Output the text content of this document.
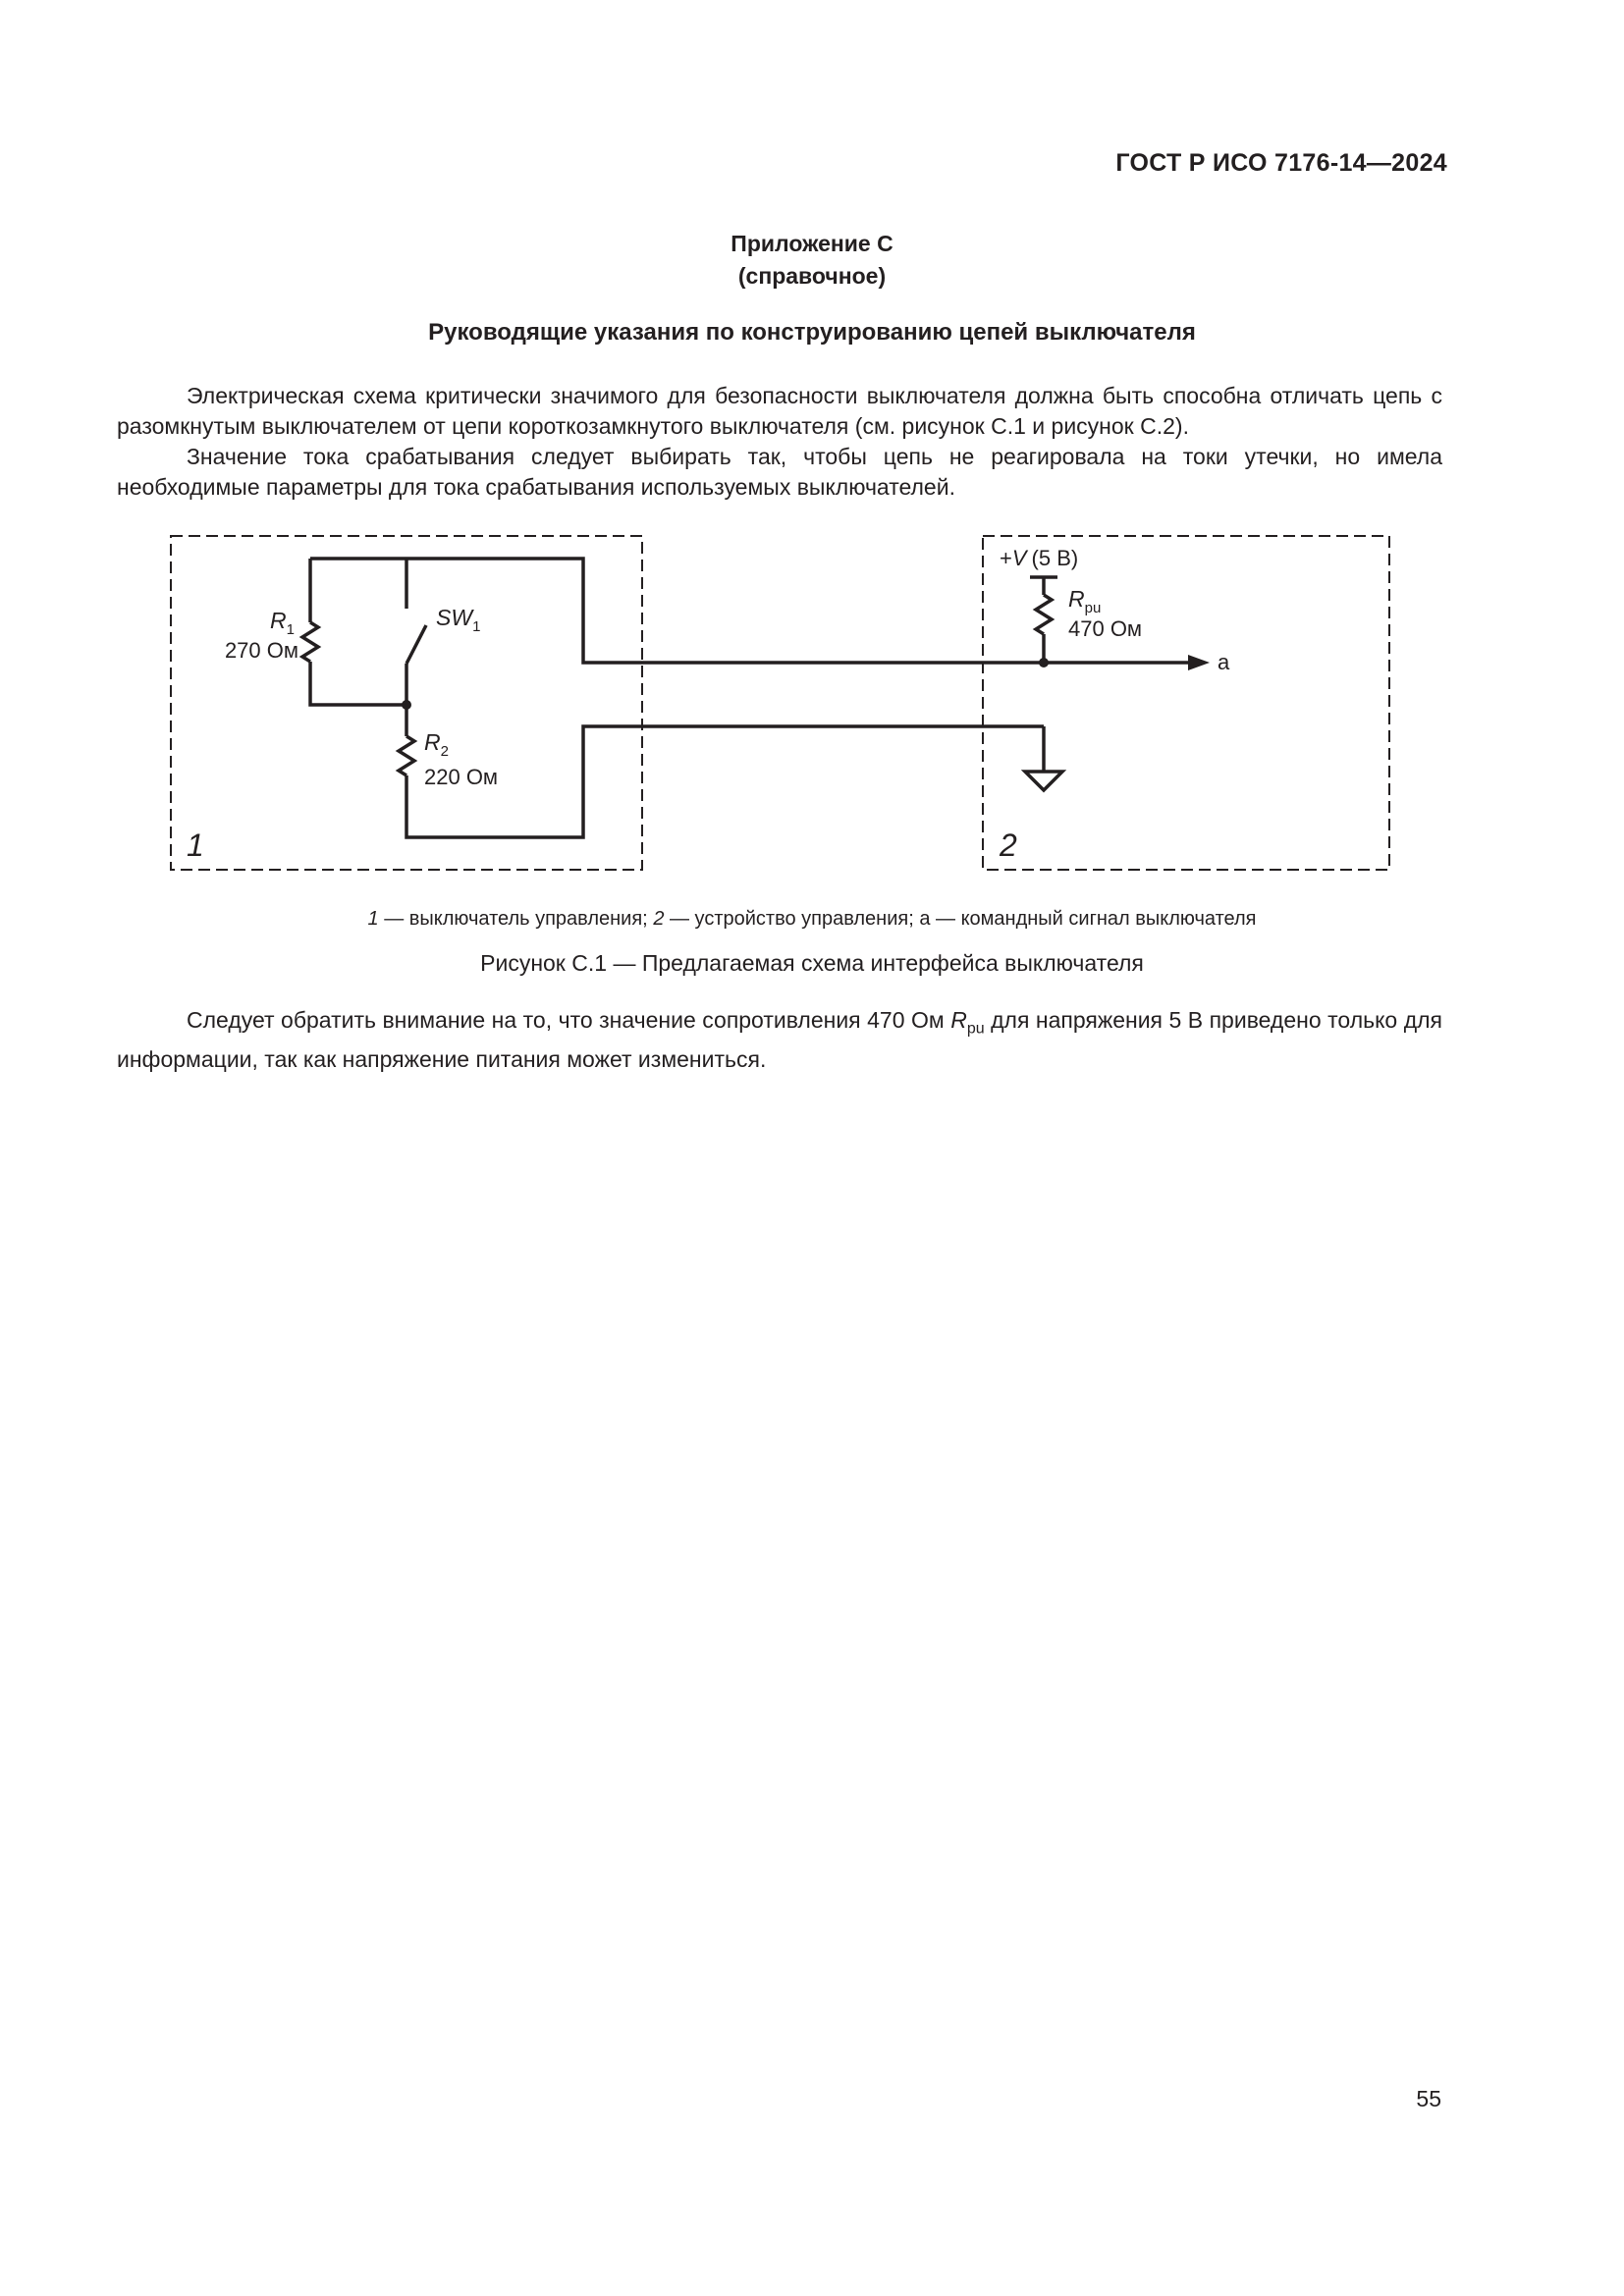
ГОСТ Р ИСО 7176-14—2024
Приложение С
(справочное)
Руководящие указания по конструированию цепей выключателя

Электрическая схема критически значимого для безопасности выключателя должна быть способна отличать цепь с разомкнутым выключателем от цепи короткозамкнутого выключателя (см. рисунок С.1 и рисунок С.2).

Значение тока срабатывания следует выбирать так, чтобы цепь не реагировала на токи утечки, но имела необходимые параметры для тока срабатывания используемых выключателей.

$R_1$
270 Ом
$SW_1$
$R_2$
220 Ом
+V (5 В)
$R_{pu}$
470 Ом
а
1	2
1 — выключатель управления; 2 — устройство управления; а — командный сигнал выключателя
Рисунок С.1 — Предлагаемая схема интерфейса выключателя

Следует обратить внимание на то, что значение сопротивления 470 Ом $R_{pu}$ для напряжения 5 В приведено только для информации, так как напряжение питания может измениться.

55
